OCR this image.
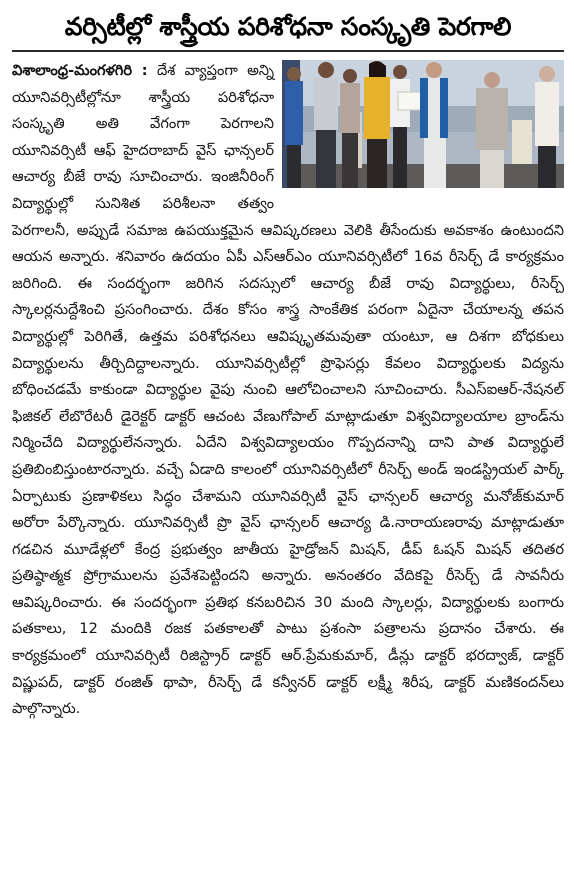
వర్సిటీల్లో శాస్త్రీయ పరిశోధనా సంస్కృతి పెరగాలి

విశాలాంధ్ర-మంగళగిరి : దేశ వ్యాప్తంగా అన్ని యూనివర్సిటీల్లోనూ శాస్త్రీయ పరిశోధనా సంస్కృతి అతి వేగంగా పెరగాలని యూనివర్సిటీ ఆఫ్ హైదరాబాద్ వైస్ ఛాన్సలర్ ఆచార్య బీజే రావు సూచించారు. ఇంజినీరింగ్ విద్యార్థుల్లో సునిశిత పరిశీలనా తత్వం పెరగాలనీ, అప్పుడే సమాజ ఉపయుక్తమైన ఆవిష్కరణలు వెలికి తీసేందుకు అవకాశం ఉంటుందని ఆయన అన్నారు. శనివారం ఉదయం ఏపీ ఎస్ఆర్ఎం యూనివర్సిటీలో 16వ రీసెర్చ్ డే కార్యక్రమం జరిగింది. ఈ సందర్భంగా జరిగిన సదస్సులో ఆచార్య బీజే రావు విద్యార్థులు, రీసెర్చ్ స్కాలర్లనుద్దేశించి ప్రసంగించారు. దేశం కోసం శాస్త్ర సాంకేతిక పరంగా ఏదైనా చేయాలన్న తపన విద్యార్థుల్లో పెరిగితే, ఉత్తమ పరిశోధనలు ఆవిష్కృతమవుతా యంటూ, ఆ దిశగా బోధకులు విద్యార్థులను తీర్చిదిద్దాలన్నారు. యూనివర్సిటీల్లో ప్రొఫెసర్లు కేవలం విద్యార్థులకు విద్యను బోధించడమే కాకుండా విద్యార్థుల వైపు నుంచి ఆలోచించాలని సూచించారు. సీఎస్ఐఆర్-నేషనల్ ఫిజికల్ లేబొరేటరీ డైరెక్టర్ డాక్టర్ ఆచంట వేణుగోపాల్ మాట్లాడుతూ విశ్వవిద్యాలయాల బ్రాండ్‌ను నిర్మించేది విద్యార్థులేనన్నారు. ఏదేని విశ్వవిద్యాలయం గొప్పదనాన్ని దాని పాత విద్యార్థులే ప్రతిబింబిస్తుంటారన్నారు. వచ్చే ఏడాది కాలంలో యూనివర్సిటీలో రీసెర్చ్ అండ్ ఇండస్ట్రియల్ పార్క్ ఏర్పాటుకు ప్రణాళికలు సిద్ధం చేశామని యూనివర్సిటీ వైస్ ఛాన్సలర్ ఆచార్య మనోజ్‌కుమార్ అరోరా పేర్కొన్నారు. యూనివర్సిటీ ప్రొ వైస్ ఛాన్సలర్ ఆచార్య డి.నారాయణరావు మాట్లాడుతూ గడచిన మూడేళ్లలో కేంద్ర ప్రభుత్వం జాతీయ హైడ్రోజన్ మిషన్, డీప్ ఓషన్ మిషన్ తదితర ప్రతిష్ఠాత్మక ప్రోగ్రాములను ప్రవేశపెట్టిందని అన్నారు. అనంతరం వేదికపై రీసెర్చ్ డే సావనీరు ఆవిష్కరించారు. ఈ సందర్భంగా ప్రతిభ కనబరిచిన 30 మంది స్కాలర్లు, విద్యార్థులకు బంగారు పతకాలు, 12 మందికి రజక పతకాలతో పాటు ప్రశంసా పత్రాలను ప్రదానం చేశారు. ఈ కార్యక్రమంలో యూనివర్సిటీ రిజిస్ట్రార్ డాక్టర్ ఆర్.ప్రేమకుమార్, డీన్లు డాక్టర్ భరద్వాజ్, డాక్టర్ విష్ణుపద్, డాక్టర్ రంజిత్ థాపా, రీసెర్చ్ డే కన్వీనర్ డాక్టర్ లక్ష్మీ శిరీష, డాక్టర్ మణికందన్‌లు పాల్గొన్నారు.
